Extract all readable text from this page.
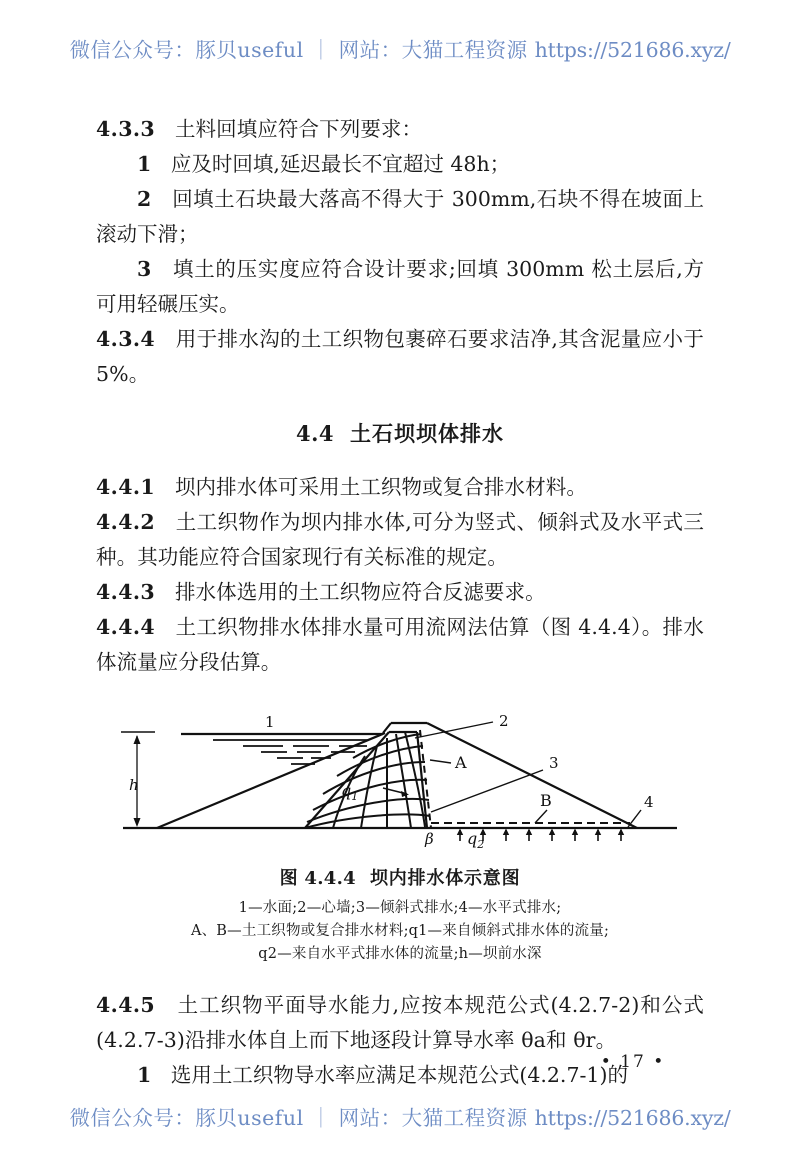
微信公众号：豚贝useful ｜ 网站：大猫工程资源 https://521686.xyz/

4.3.3 土料回填应符合下列要求：

1 应及时回填,延迟最长不宜超过 48h；

2 回填土石块最大落高不得大于 300mm,石块不得在坡面上滚动下滑；

3 填土的压实度应符合设计要求;回填 300mm 松土层后,方可用轻碾压实。

4.3.4 用于排水沟的土工织物包裹碎石要求洁净,其含泥量应小于 5%。

4.4 土石坝坝体排水

4.4.1 坝内排水体可采用土工织物或复合排水材料。

4.4.2 土工织物作为坝内排水体,可分为竖式、倾斜式及水平式三种。其功能应符合国家现行有关标准的规定。

4.4.3 排水体选用的土工织物应符合反滤要求。

4.4.4 土工织物排水体排水量可用流网法估算（图 4.4.4）。排水体流量应分段估算。

1	2
3
4
A
B
h	$q_1$
β $q_2$
图 4.4.4 坝内排水体示意图
1—水面;2—心墙;3—倾斜式排水;4—水平式排水;
A、B—土工织物或复合排水材料;q1—来自倾斜式排水体的流量;
q2—来自水平式排水体的流量;h—坝前水深

4.4.5 土工织物平面导水能力,应按本规范公式(4.2.7-2)和公式(4.2.7-3)沿排水体自上而下地逐段计算导水率 θa和 θr。

1 选用土工织物导水率应满足本规范公式(4.2.7-1)的

• 17 •
微信公众号：豚贝useful ｜ 网站：大猫工程资源 https://521686.xyz/
